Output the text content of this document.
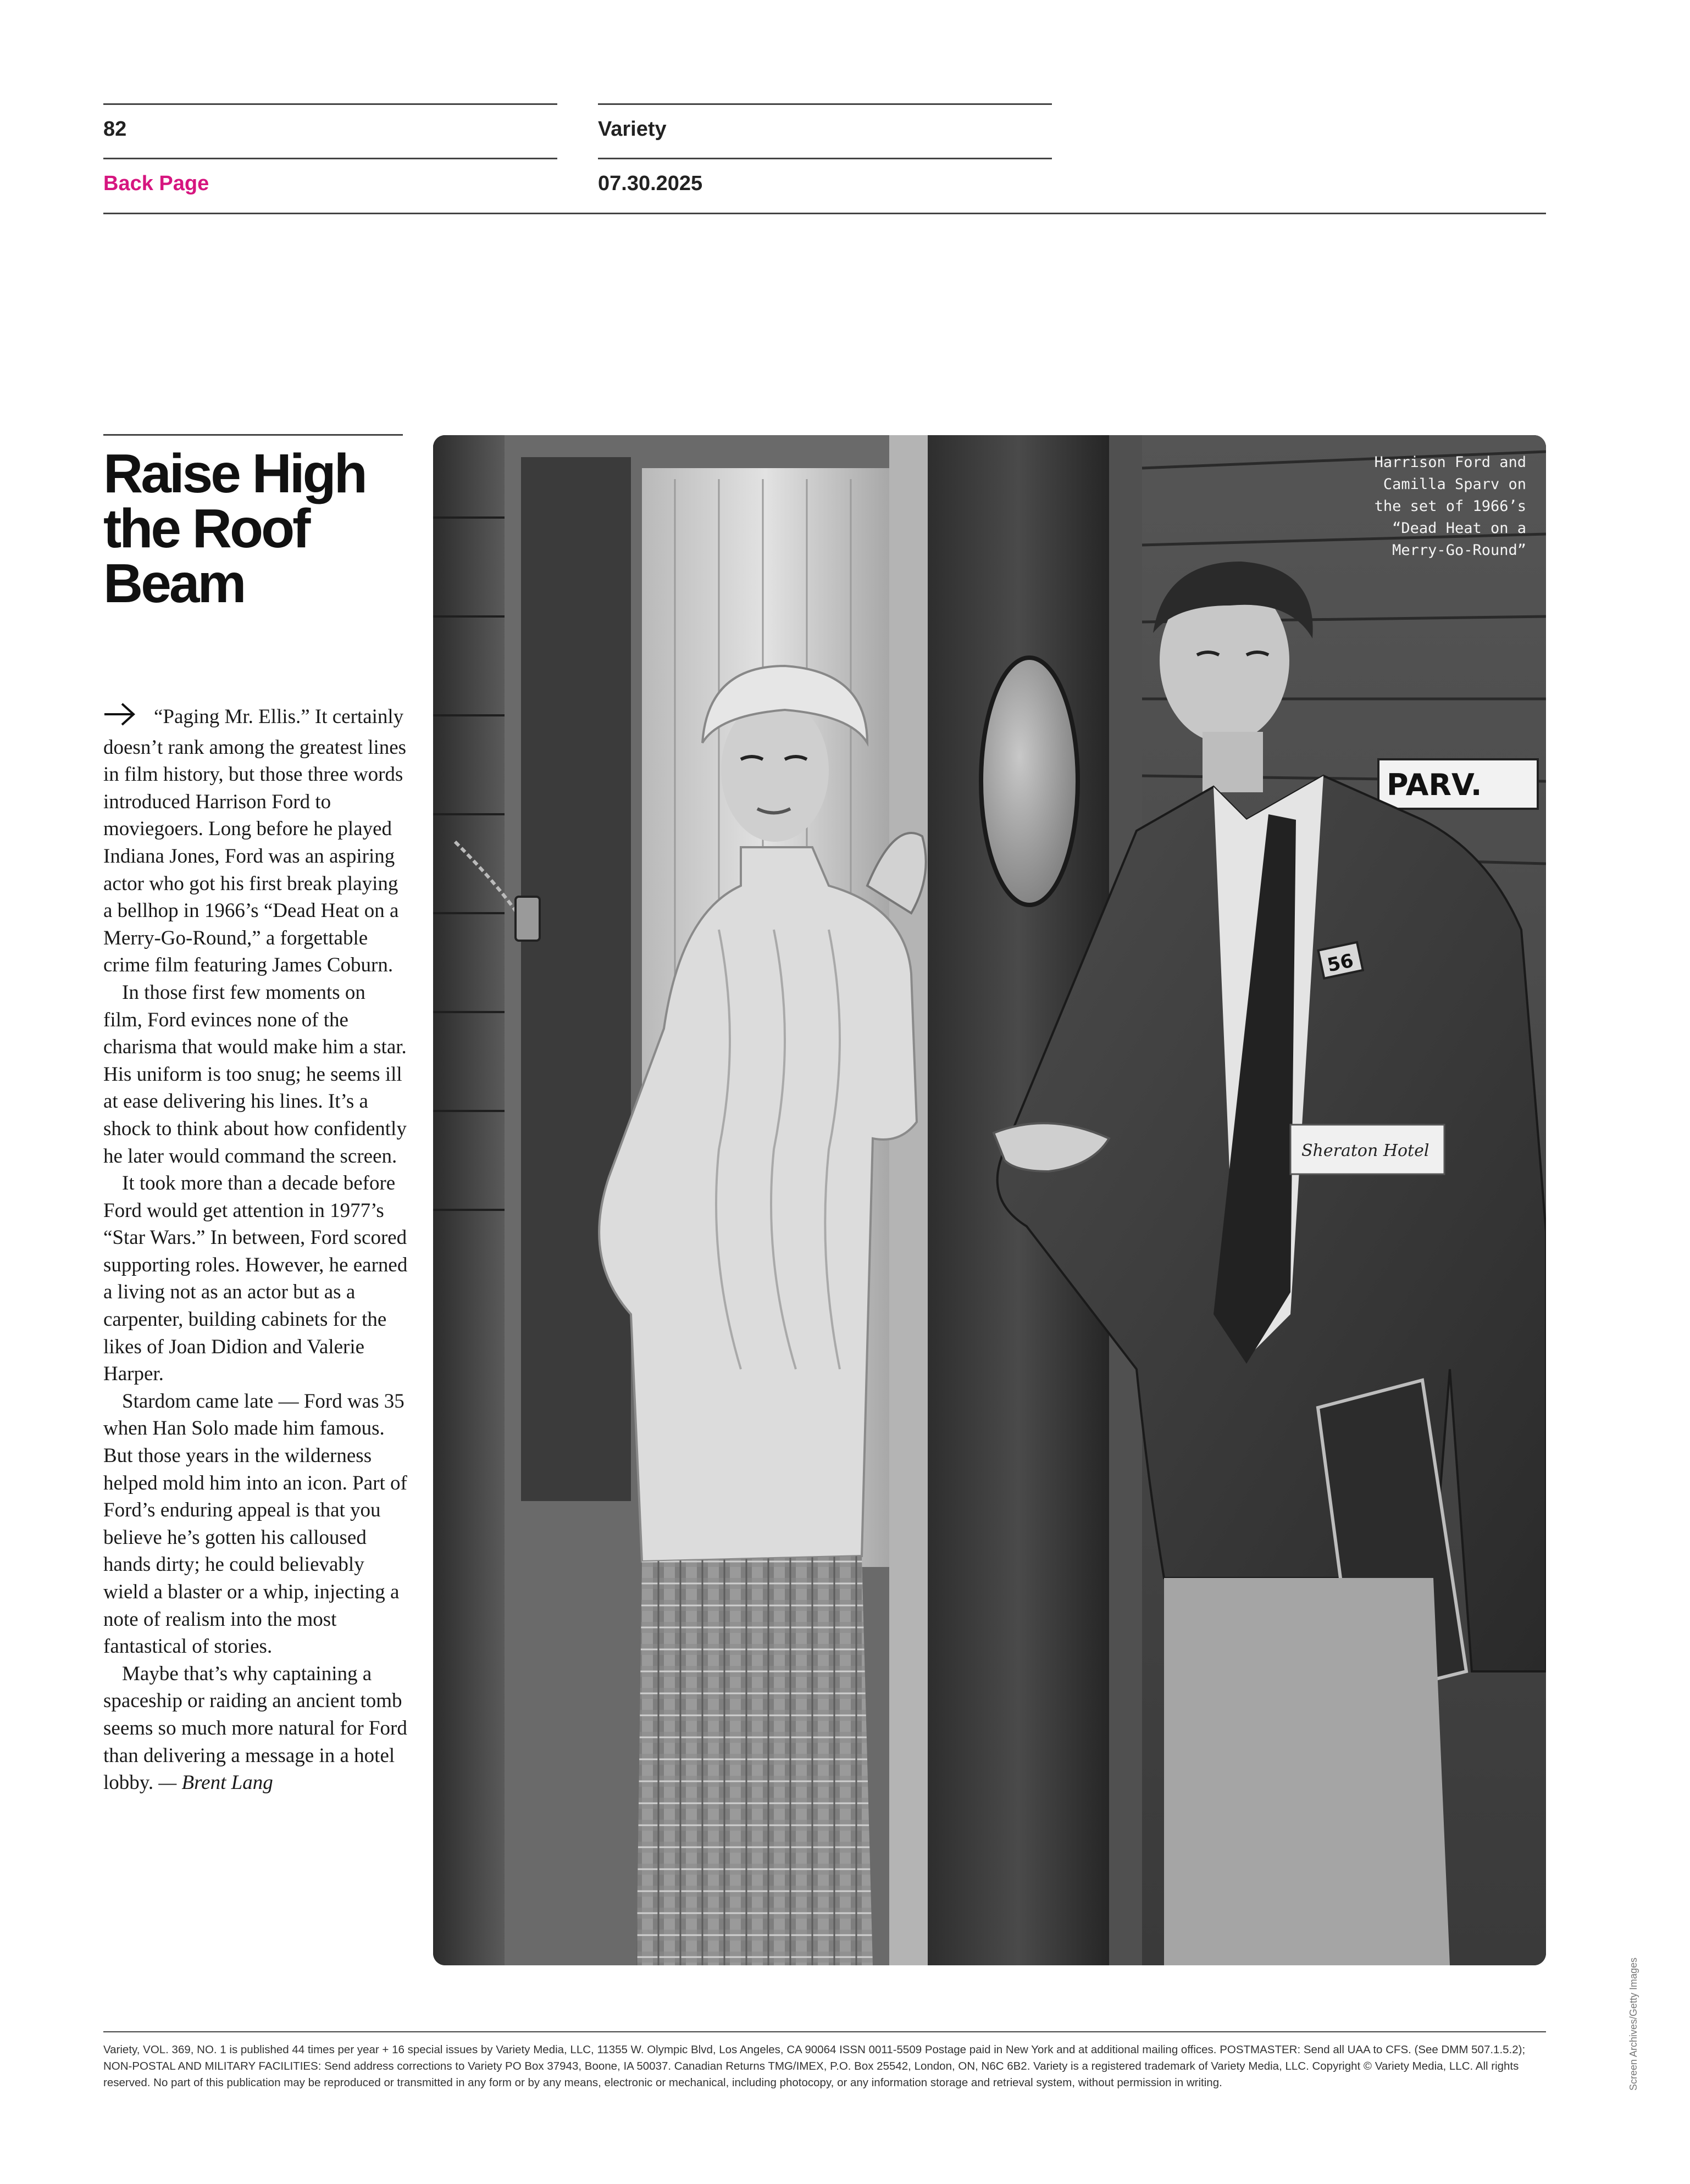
82	Variety
Back Page	07.30.2025
Raise High the Roof Beam

“Paging Mr. Ellis.” It certainly doesn’t rank among the greatest lines in film history, but those three words introduced Harrison Ford to moviegoers. Long before he played Indiana Jones, Ford was an aspiring actor who got his first break playing a bellhop in 1966’s “Dead Heat on a Merry-Go-Round,” a forgettable crime film featuring James Coburn.

In those first few moments on film, Ford evinces none of the charisma that would make him a star. His uniform is too snug; he seems ill at ease delivering his lines. It’s a shock to think about how confidently he later would command the screen.

It took more than a decade before Ford would get attention in 1977’s “Star Wars.” In between, Ford scored supporting roles. However, he earned a living not as an actor but as a carpenter, building cabinets for the likes of Joan Didion and Valerie Harper.

Stardom came late — Ford was 35 when Han Solo made him famous. But those years in the wilderness helped mold him into an icon. Part of Ford’s enduring appeal is that you believe he’s gotten his calloused hands dirty; he could believably wield a blaster or a whip, injecting a note of realism into the most fantastical of stories.

Maybe that’s why captaining a spaceship or raiding an ancient tomb seems so much more natural for Ford than delivering a message in a hotel lobby. — Brent Lang

PARV.
56
Sheraton Hotel
Harrison Ford and
Camilla Sparv on
the set of 1966’s
“Dead Heat on a
Merry-Go-Round”
Screen Archives/Getty Images
Variety, VOL. 369, NO. 1 is published 44 times per year + 16 special issues by Variety Media, LLC, 11355 W. Olympic Blvd, Los Angeles, CA 90064 ISSN 0011-5509 Postage paid in New York and at additional mailing offices. POSTMASTER: Send all UAA to CFS. (See DMM 507.1.5.2); NON-POSTAL AND MILITARY FACILITIES: Send address corrections to Variety PO Box 37943, Boone, IA 50037. Canadian Returns TMG/IMEX, P.O. Box 25542, London, ON, N6C 6B2. Variety is a registered trademark of Variety Media, LLC. Copyright © Variety Media, LLC. All rights reserved. No part of this publication may be reproduced or transmitted in any form or by any means, electronic or mechanical, including photocopy, or any information storage and retrieval system, without permission in writing.
